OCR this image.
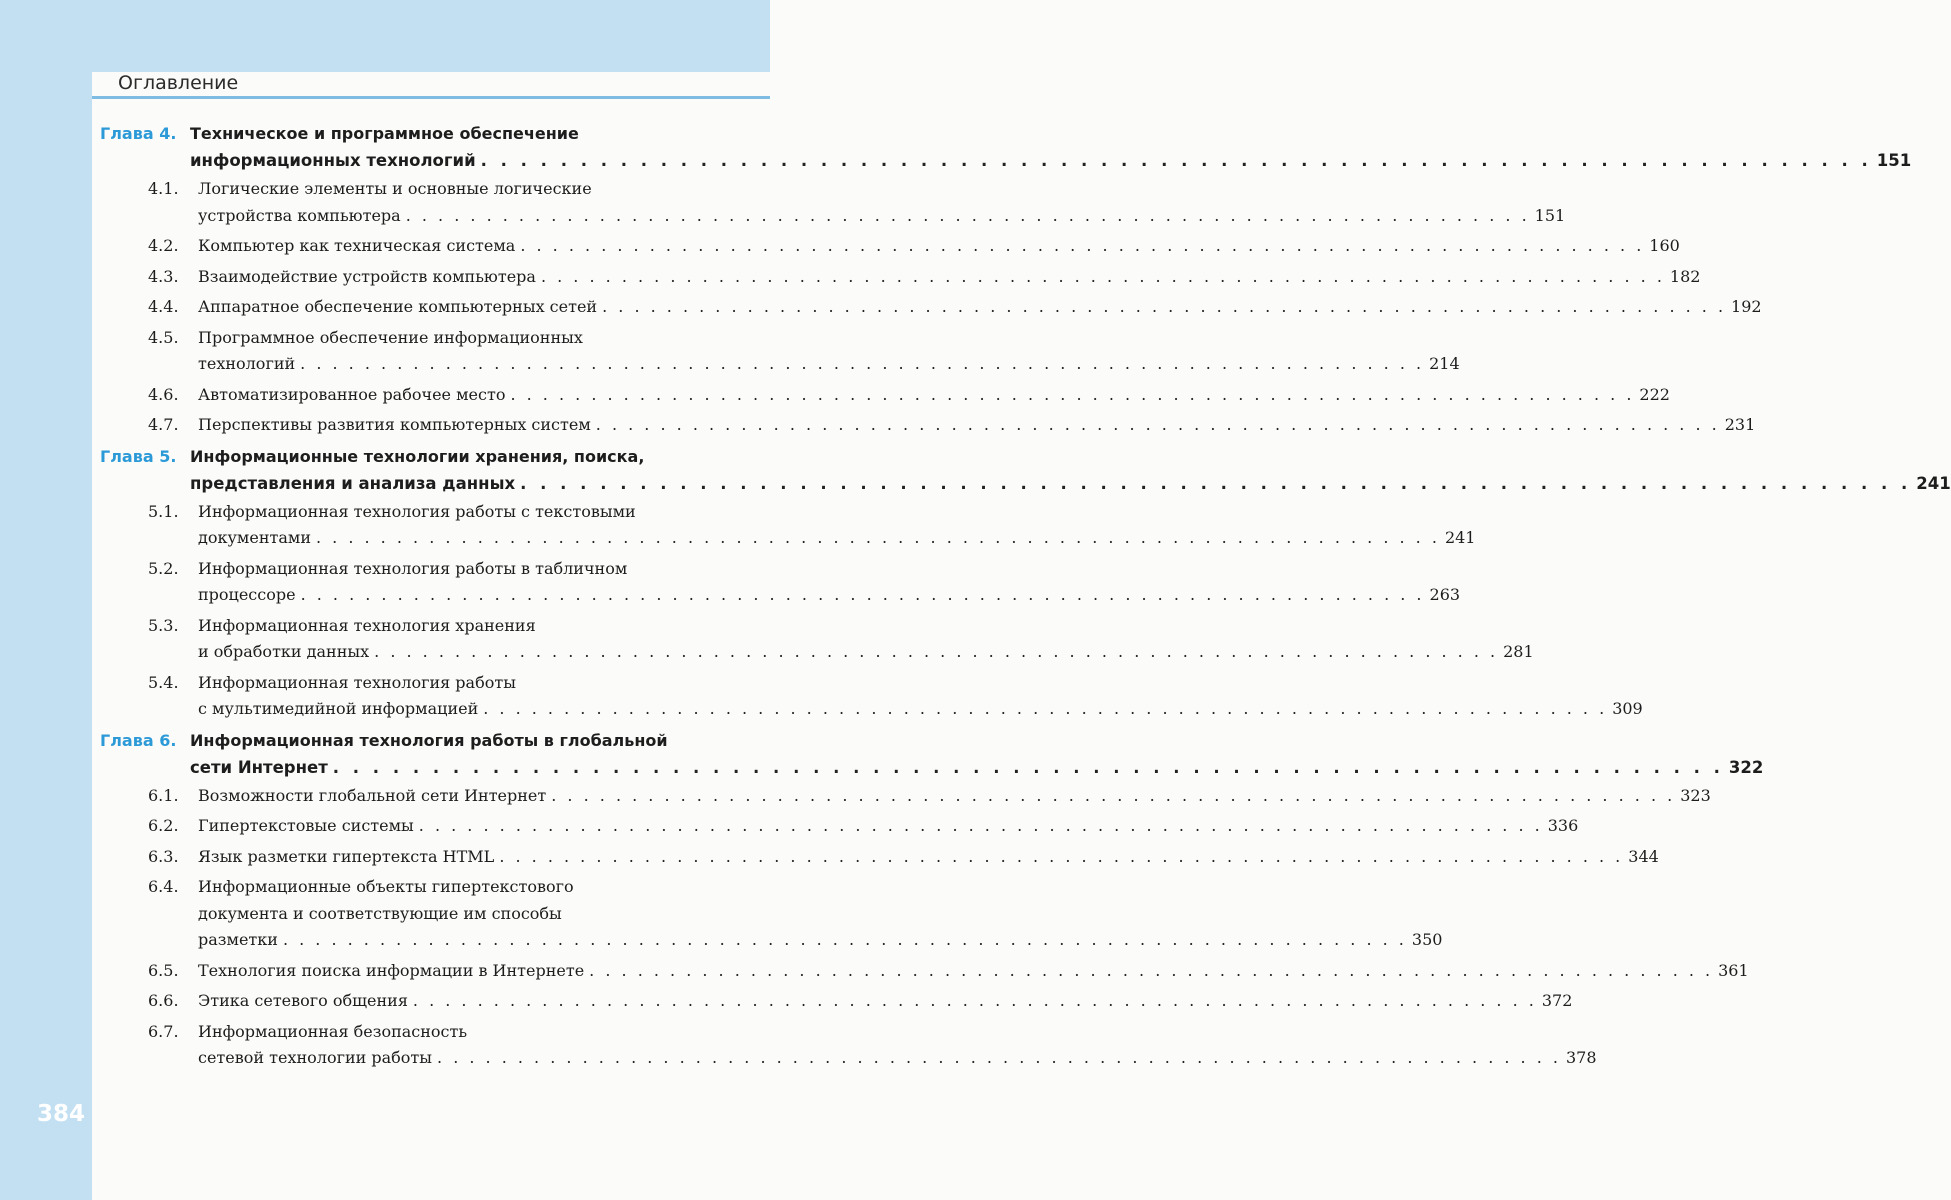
Оглавление
384
Глава 4. Техническое и программное обеспечение
информационных технологий . . . . . . . . . . . . . . . . . . . . . . . . . . . . . . . . . . . . . . . . . . . . . . . . . . . . . . . . . . . . . . . . . . . . . . 151
4.1. Логические элементы и основные логические
устройства компьютера . . . . . . . . . . . . . . . . . . . . . . . . . . . . . . . . . . . . . . . . . . . . . . . . . . . . . . . . . . . . . . . . . . . . . . 151
4.2. Компьютер как техническая система . . . . . . . . . . . . . . . . . . . . . . . . . . . . . . . . . . . . . . . . . . . . . . . . . . . . . . . . . . . . . . . . . . . . . . 160
4.3. Взаимодействие устройств компьютера . . . . . . . . . . . . . . . . . . . . . . . . . . . . . . . . . . . . . . . . . . . . . . . . . . . . . . . . . . . . . . . . . . . . . . 182
4.4. Аппаратное обеспечение компьютерных сетей . . . . . . . . . . . . . . . . . . . . . . . . . . . . . . . . . . . . . . . . . . . . . . . . . . . . . . . . . . . . . . . . . . . . . . 192
4.5. Программное обеспечение информационных
технологий . . . . . . . . . . . . . . . . . . . . . . . . . . . . . . . . . . . . . . . . . . . . . . . . . . . . . . . . . . . . . . . . . . . . . . 214
4.6. Автоматизированное рабочее место . . . . . . . . . . . . . . . . . . . . . . . . . . . . . . . . . . . . . . . . . . . . . . . . . . . . . . . . . . . . . . . . . . . . . . 222
4.7. Перспективы развития компьютерных систем . . . . . . . . . . . . . . . . . . . . . . . . . . . . . . . . . . . . . . . . . . . . . . . . . . . . . . . . . . . . . . . . . . . . . . 231
Глава 5. Информационные технологии хранения, поиска,
представления и анализа данных . . . . . . . . . . . . . . . . . . . . . . . . . . . . . . . . . . . . . . . . . . . . . . . . . . . . . . . . . . . . . . . . . . . . . . 241
5.1. Информационная технология работы с текстовыми
документами . . . . . . . . . . . . . . . . . . . . . . . . . . . . . . . . . . . . . . . . . . . . . . . . . . . . . . . . . . . . . . . . . . . . . . 241
5.2. Информационная технология работы в табличном
процессоре . . . . . . . . . . . . . . . . . . . . . . . . . . . . . . . . . . . . . . . . . . . . . . . . . . . . . . . . . . . . . . . . . . . . . . 263
5.3. Информационная технология хранения
и обработки данных . . . . . . . . . . . . . . . . . . . . . . . . . . . . . . . . . . . . . . . . . . . . . . . . . . . . . . . . . . . . . . . . . . . . . . 281
5.4. Информационная технология работы
с мультимедийной информацией . . . . . . . . . . . . . . . . . . . . . . . . . . . . . . . . . . . . . . . . . . . . . . . . . . . . . . . . . . . . . . . . . . . . . . 309
Глава 6. Информационная технология работы в глобальной
сети Интернет . . . . . . . . . . . . . . . . . . . . . . . . . . . . . . . . . . . . . . . . . . . . . . . . . . . . . . . . . . . . . . . . . . . . . . 322
6.1. Возможности глобальной сети Интернет . . . . . . . . . . . . . . . . . . . . . . . . . . . . . . . . . . . . . . . . . . . . . . . . . . . . . . . . . . . . . . . . . . . . . . 323
6.2. Гипертекстовые системы . . . . . . . . . . . . . . . . . . . . . . . . . . . . . . . . . . . . . . . . . . . . . . . . . . . . . . . . . . . . . . . . . . . . . . 336
6.3. Язык разметки гипертекста HTML . . . . . . . . . . . . . . . . . . . . . . . . . . . . . . . . . . . . . . . . . . . . . . . . . . . . . . . . . . . . . . . . . . . . . . 344
6.4. Информационные объекты гипертекстового
документа и соответствующие им способы
разметки . . . . . . . . . . . . . . . . . . . . . . . . . . . . . . . . . . . . . . . . . . . . . . . . . . . . . . . . . . . . . . . . . . . . . . 350
6.5. Технология поиска информации в Интернете . . . . . . . . . . . . . . . . . . . . . . . . . . . . . . . . . . . . . . . . . . . . . . . . . . . . . . . . . . . . . . . . . . . . . . 361
6.6. Этика сетевого общения . . . . . . . . . . . . . . . . . . . . . . . . . . . . . . . . . . . . . . . . . . . . . . . . . . . . . . . . . . . . . . . . . . . . . . 372
6.7. Информационная безопасность
сетевой технологии работы . . . . . . . . . . . . . . . . . . . . . . . . . . . . . . . . . . . . . . . . . . . . . . . . . . . . . . . . . . . . . . . . . . . . . . 378
